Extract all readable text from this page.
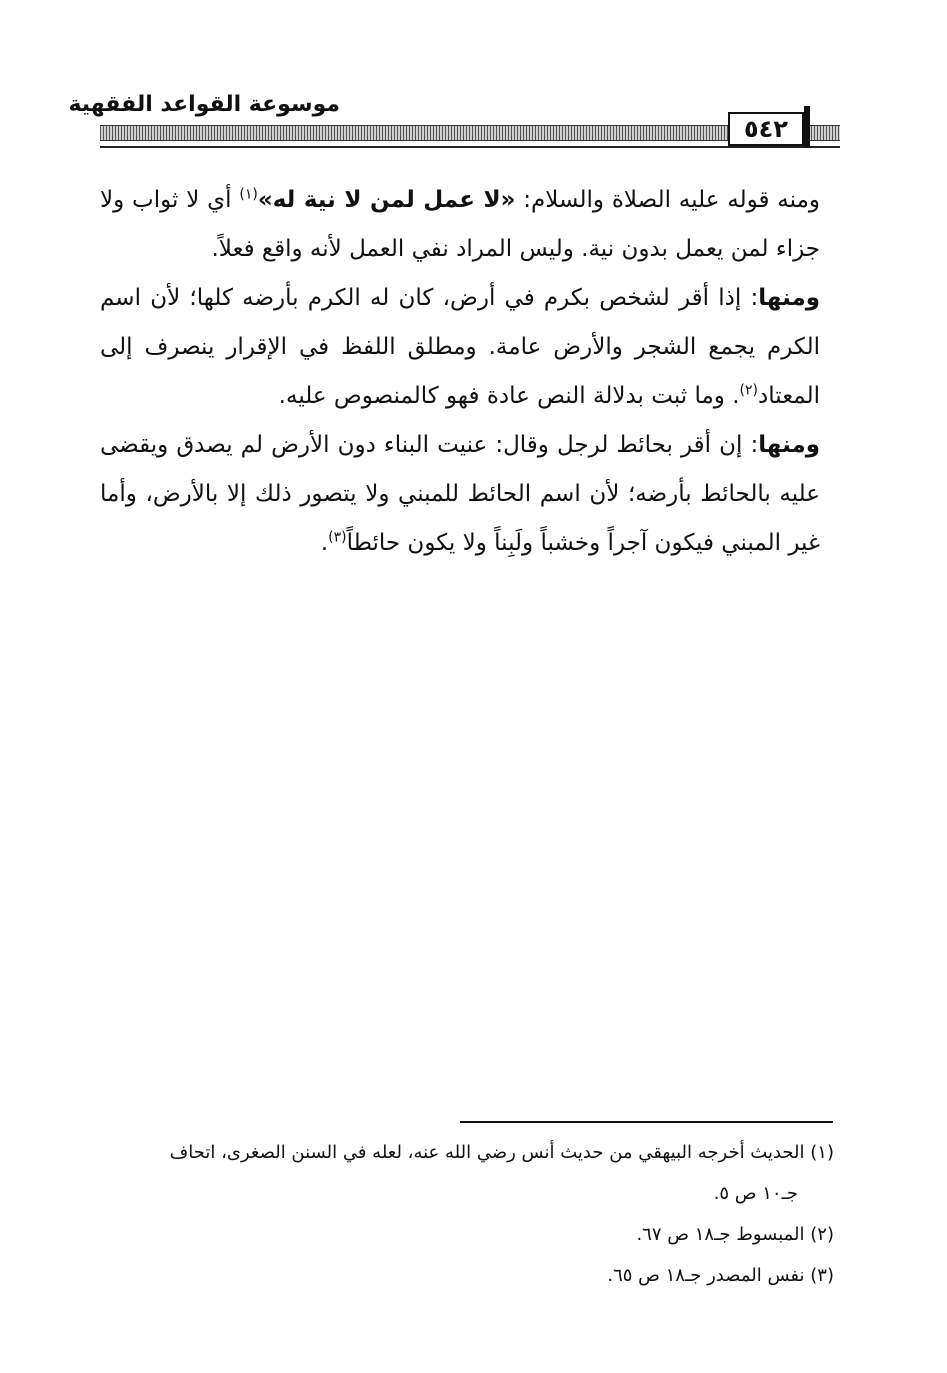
موسوعة القواعد الفقهية
٥٤٢

ومنه قوله عليه الصلاة والسلام: «لا عمل لمن لا نية له»$^{(١)}$ أي لا ثواب ولا جزاء لمن يعمل بدون نية. وليس المراد نفي العمل لأنه واقع فعلاً.

ومنها: إذا أقر لشخص بكرم في أرض، كان له الكرم بأرضه كلها؛ لأن اسم الكرم يجمع الشجر والأرض عامة. ومطلق اللفظ في الإقرار ينصرف إلى المعتاد$^{(٢)}$. وما ثبت بدلالة النص عادة فهو كالمنصوص عليه.

ومنها: إن أقر بحائط لرجل وقال: عنيت البناء دون الأرض لم يصدق ويقضى عليه بالحائط بأرضه؛ لأن اسم الحائط للمبني ولا يتصور ذلك إلا بالأرض، وأما غير المبني فيكون آجراً وخشباً ولَبِناً ولا يكون حائطاً$^{(٣)}$.

(١) الحديث أخرجه البيهقي من حديث أنس رضي الله عنه، لعله في السنن الصغرى، اتحاف

جـ١٠ ص ٥.

(٢) المبسوط جـ١٨ ص ٦٧.

(٣) نفس المصدر جـ١٨ ص ٦٥.
